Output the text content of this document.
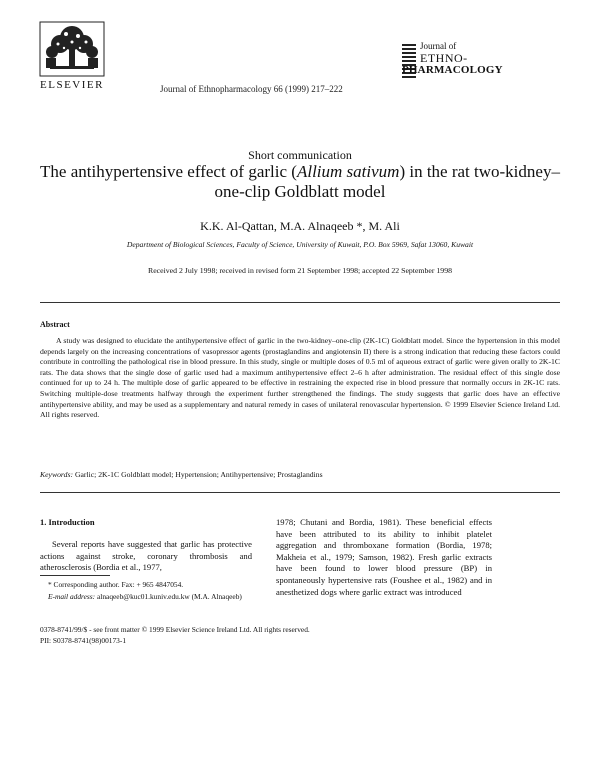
ELSEVIER	Journal of Ethnopharmacology 66 (1999) 217–222
Journal of
ETHNO-
PHARMACOLOGY
Short communication
The antihypertensive effect of garlic (Allium sativum) in the rat two-kidney–one-clip Goldblatt model
K.K. Al-Qattan, M.A. Alnaqeeb *, M. Ali
Department of Biological Sciences, Faculty of Science, University of Kuwait, P.O. Box 5969, Safat 13060, Kuwait
Received 2 July 1998; received in revised form 21 September 1998; accepted 22 September 1998
Abstract
A study was designed to elucidate the antihypertensive effect of garlic in the two-kidney–one-clip (2K-1C) Goldblatt model. Since the hypertension in this model depends largely on the increasing concentrations of vasopressor agents (prostaglandins and angiotensin II) there is a strong indication that reducing these factors could contribute in controlling the pathological rise in blood pressure. In this study, single or multiple doses of 0.5 ml of aqueous extract of garlic were given orally to 2K-1C rats. The data shows that the single dose of garlic used had a maximum antihypertensive effect 2–6 h after administration. The residual effect of this single dose continued for up to 24 h. The multiple dose of garlic appeared to be effective in restraining the expected rise in blood pressure that normally occurs in 2K-1C rats. Switching multiple-dose treatments halfway through the experiment further strengthened the findings. The study suggests that garlic does have an effective antihypertensive ability, and may be used as a supplementary and natural remedy in cases of unilateral renovascular hypertension. © 1999 Elsevier Science Ireland Ltd. All rights reserved.
Keywords: Garlic; 2K-1C Goldblatt model; Hypertension; Antihypertensive; Prostaglandins
1. Introduction
Several reports have suggested that garlic has protective actions against stroke, coronary thrombosis and atherosclerosis (Bordia et al., 1977,
1978; Chutani and Bordia, 1981). These beneficial effects have been attributed to its ability to inhibit platelet aggregation and thromboxane formation (Bordia, 1978; Makheia et al., 1979; Samson, 1982). Fresh garlic extracts have been found to lower blood pressure (BP) in spontaneously hypertensive rats (Foushee et al., 1982) and in anesthetized dogs where garlic extract was introduced
* Corresponding author. Fax: + 965 4847054.
E-mail address: alnaqeeb@kuc01.kuniv.edu.kw (M.A. Alnaqeeb)
0378-8741/99/$ - see front matter © 1999 Elsevier Science Ireland Ltd. All rights reserved.
PII: S0378-8741(98)00173-1
